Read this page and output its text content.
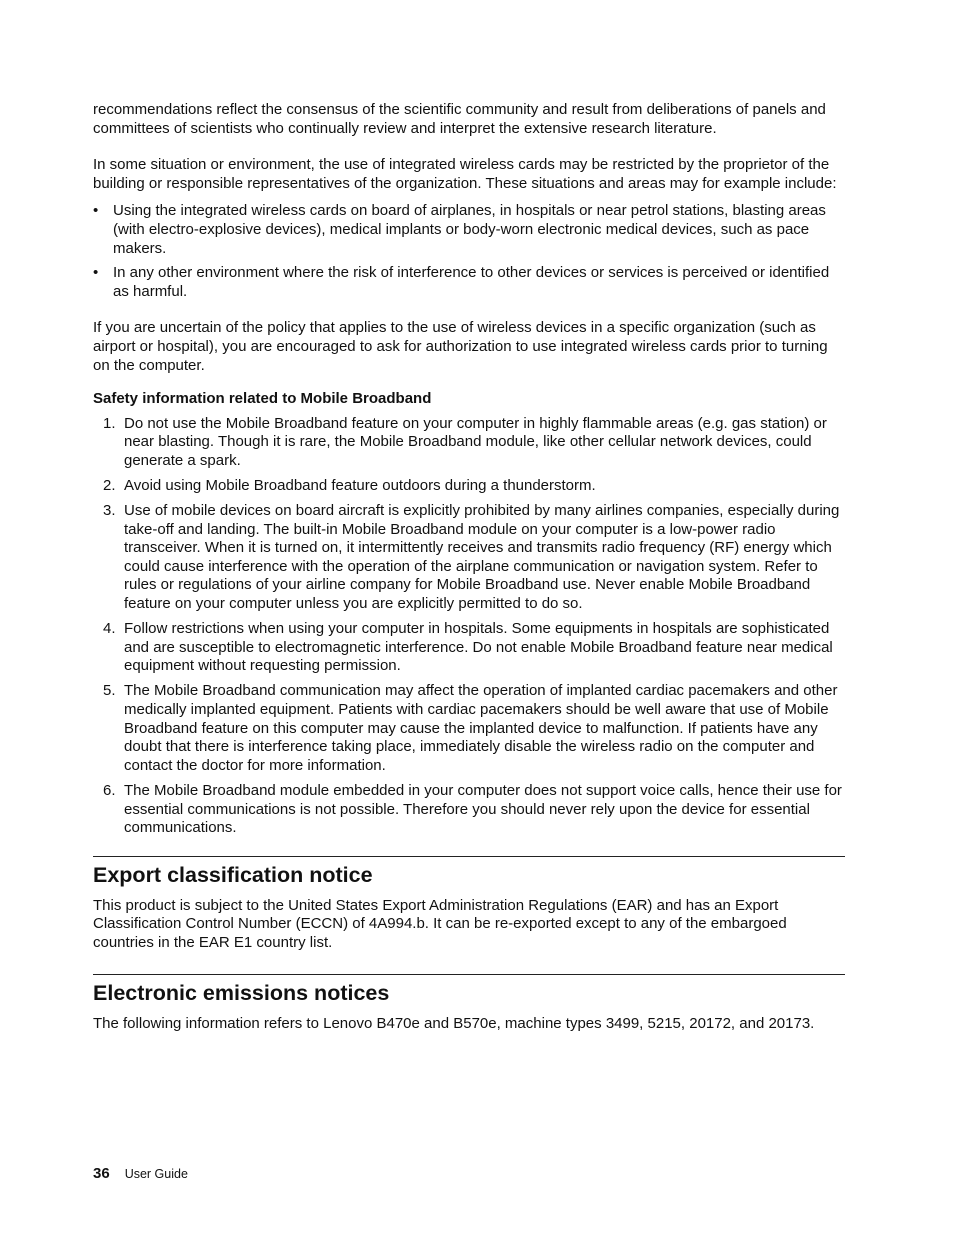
recommendations reflect the consensus of the scientific community and result from deliberations of panels and committees of scientists who continually review and interpret the extensive research literature.

In some situation or environment, the use of integrated wireless cards may be restricted by the proprietor of the building or responsible representatives of the organization. These situations and areas may for example include:

• Using the integrated wireless cards on board of airplanes, in hospitals or near petrol stations, blasting areas (with electro-explosive devices), medical implants or body-worn electronic medical devices, such as pace makers.
• In any other environment where the risk of interference to other devices or services is perceived or identified as harmful.

If you are uncertain of the policy that applies to the use of wireless devices in a specific organization (such as airport or hospital), you are encouraged to ask for authorization to use integrated wireless cards prior to turning on the computer.

Safety information related to Mobile Broadband
1. Do not use the Mobile Broadband feature on your computer in highly flammable areas (e.g. gas station) or near blasting. Though it is rare, the Mobile Broadband module, like other cellular network devices, could generate a spark.
2. Avoid using Mobile Broadband feature outdoors during a thunderstorm.
3. Use of mobile devices on board aircraft is explicitly prohibited by many airlines companies, especially during take-off and landing. The built-in Mobile Broadband module on your computer is a low-power radio transceiver. When it is turned on, it intermittently receives and transmits radio frequency (RF) energy which could cause interference with the operation of the airplane communication or navigation system. Refer to rules or regulations of your airline company for Mobile Broadband use. Never enable Mobile Broadband feature on your computer unless you are explicitly permitted to do so.
4. Follow restrictions when using your computer in hospitals. Some equipments in hospitals are sophisticated and are susceptible to electromagnetic interference. Do not enable Mobile Broadband feature near medical equipment without requesting permission.
5. The Mobile Broadband communication may affect the operation of implanted cardiac pacemakers and other medically implanted equipment. Patients with cardiac pacemakers should be well aware that use of Mobile Broadband feature on this computer may cause the implanted device to malfunction. If patients have any doubt that there is interference taking place, immediately disable the wireless radio on the computer and contact the doctor for more information.
6. The Mobile Broadband module embedded in your computer does not support voice calls, hence their use for essential communications is not possible. Therefore you should never rely upon the device for essential communications.
Export classification notice

This product is subject to the United States Export Administration Regulations (EAR) and has an Export Classification Control Number (ECCN) of 4A994.b. It can be re-exported except to any of the embargoed countries in the EAR E1 country list.

Electronic emissions notices

The following information refers to Lenovo B470e and B570e, machine types 3499, 5215, 20172, and 20173.

36 User Guide
